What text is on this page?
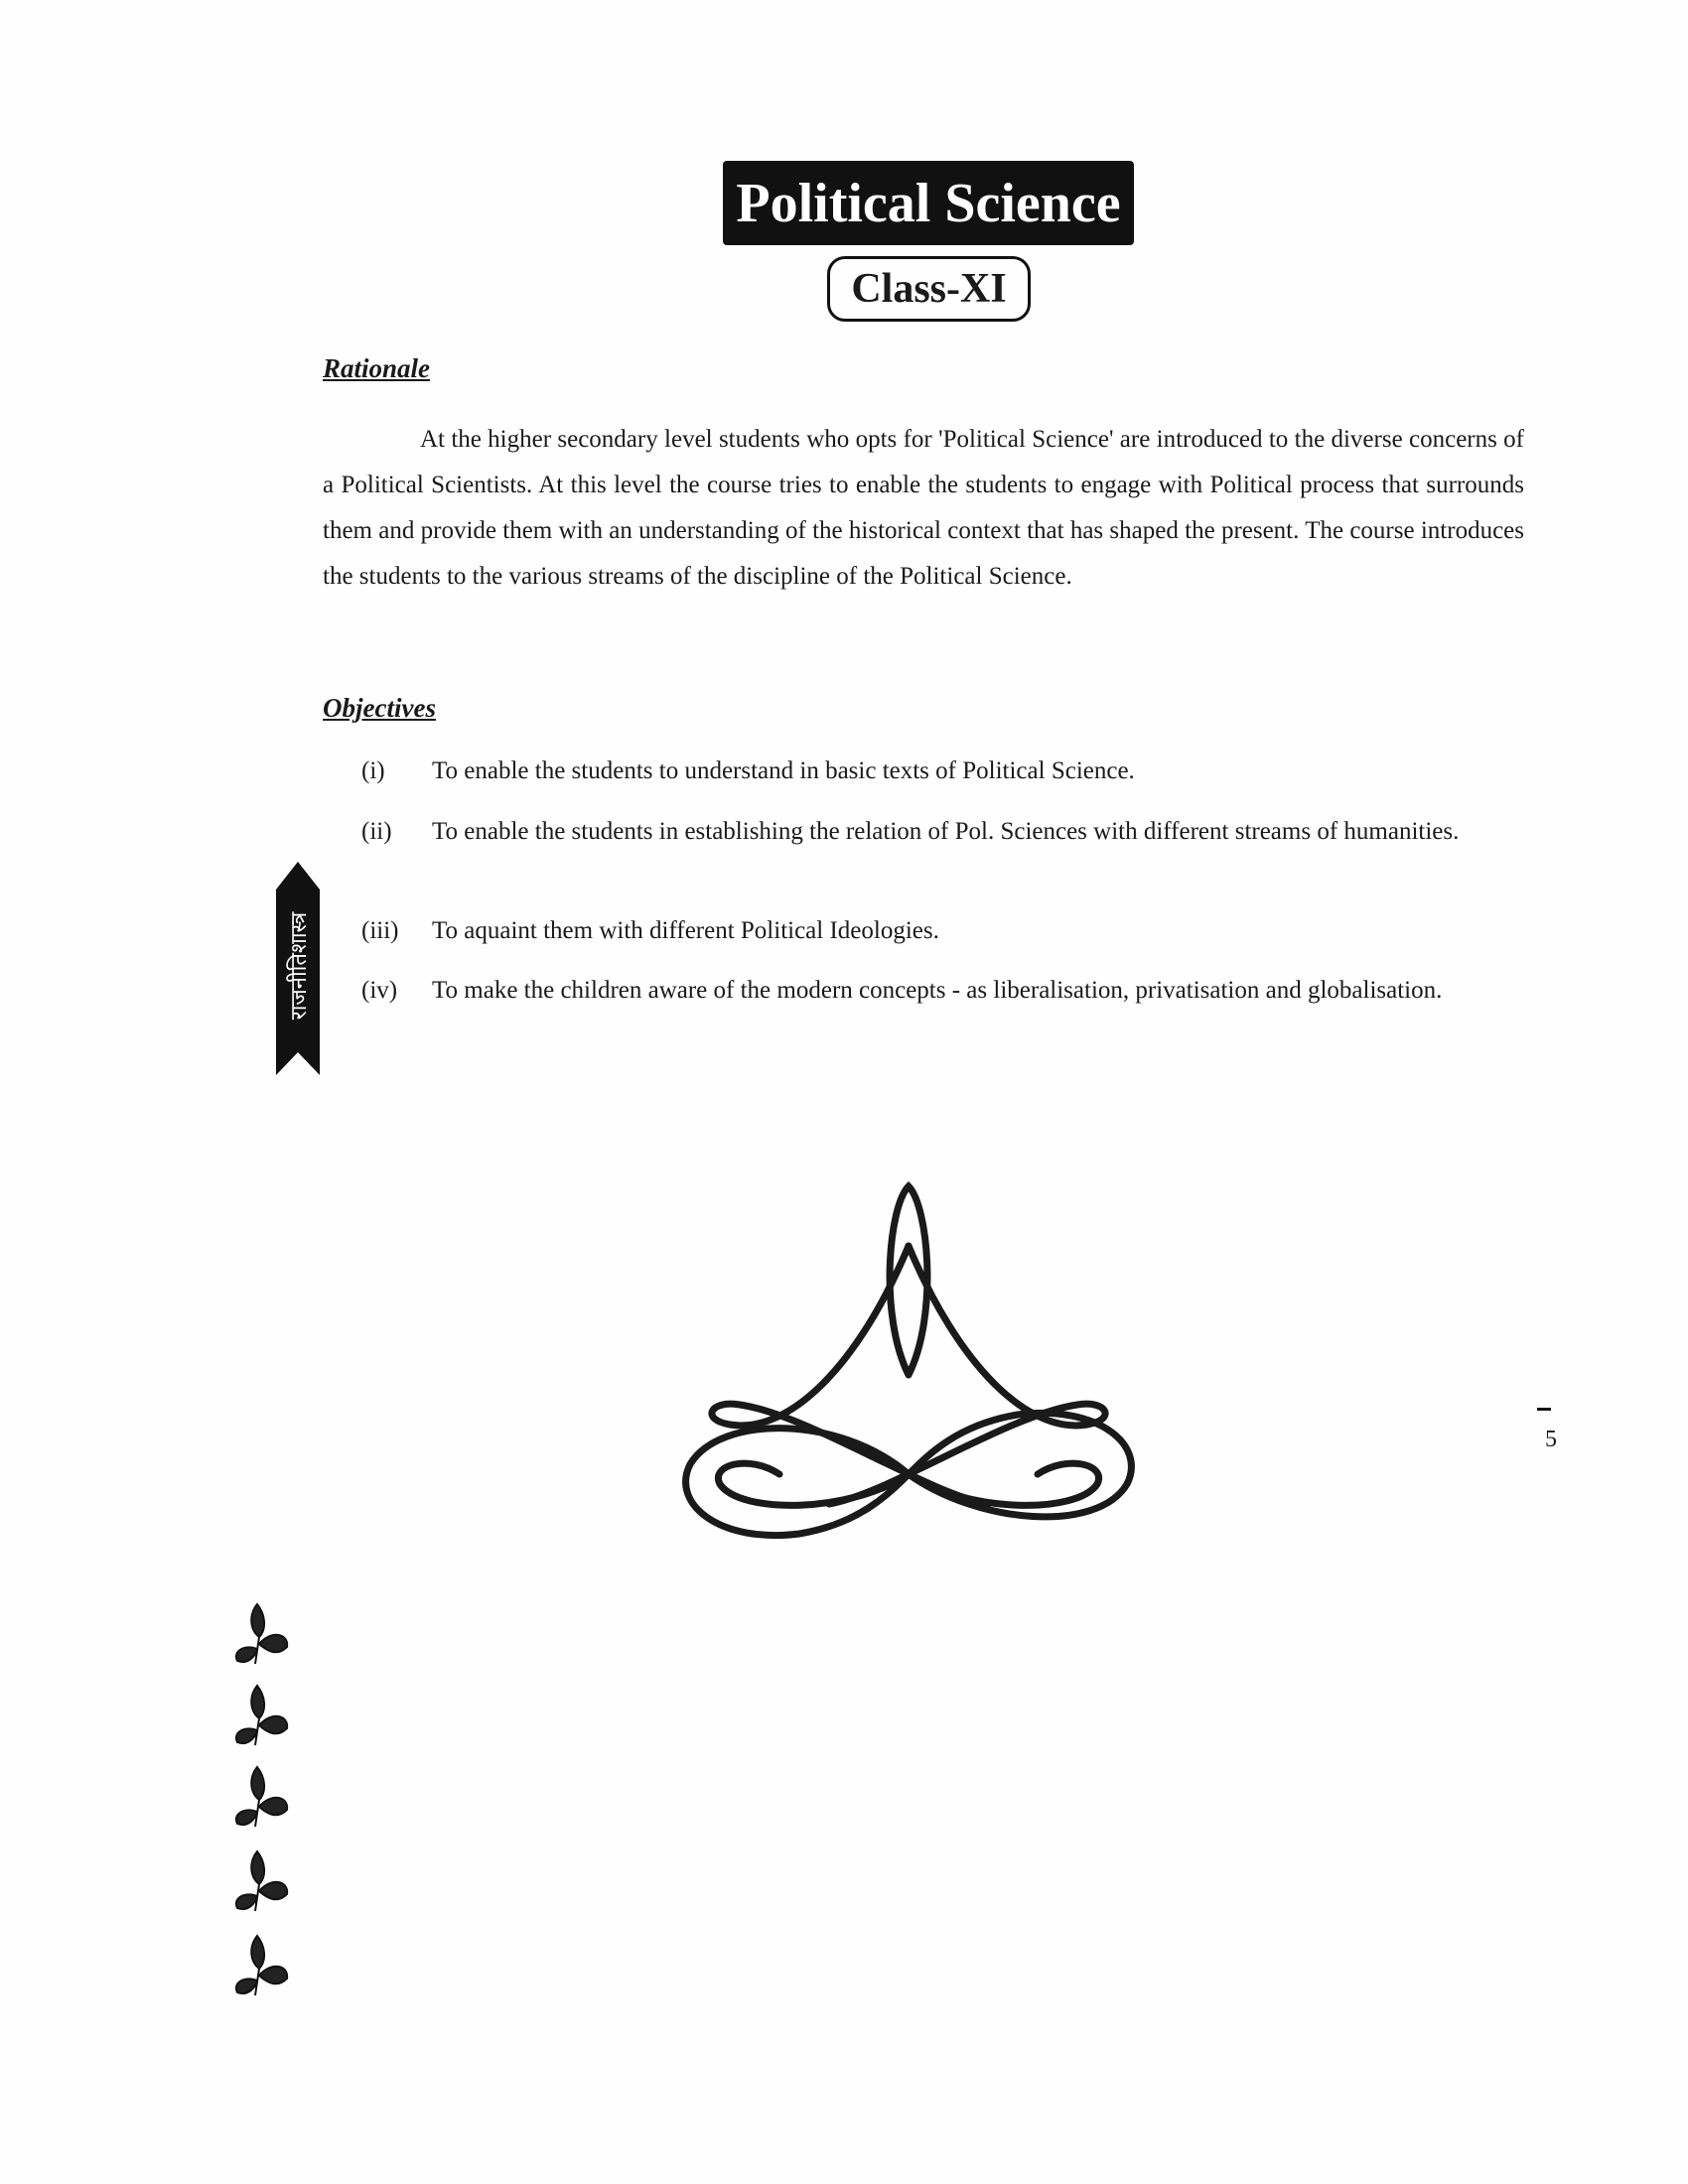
Political Science
Class-XI
Rationale
At the higher secondary level students who opts for 'Political Science' are introduced to the diverse concerns of a Political Scientists. At this level the course tries to enable the students to engage with Political process that surrounds them and provide them with an understanding of the historical context that has shaped the present. The course introduces the students to the various streams of the discipline of the Political Science.
Objectives
(i) To enable the students to understand in basic texts of Political Science.
(ii) To enable the students in establishing the relation of Pol. Sciences with different streams of humanities.
(iii) To aquaint them with different Political Ideologies.
(iv) To make the children aware of the modern concepts - as liberalisation, privatisation and globalisation.
राजनीतिशास्त्र
5
